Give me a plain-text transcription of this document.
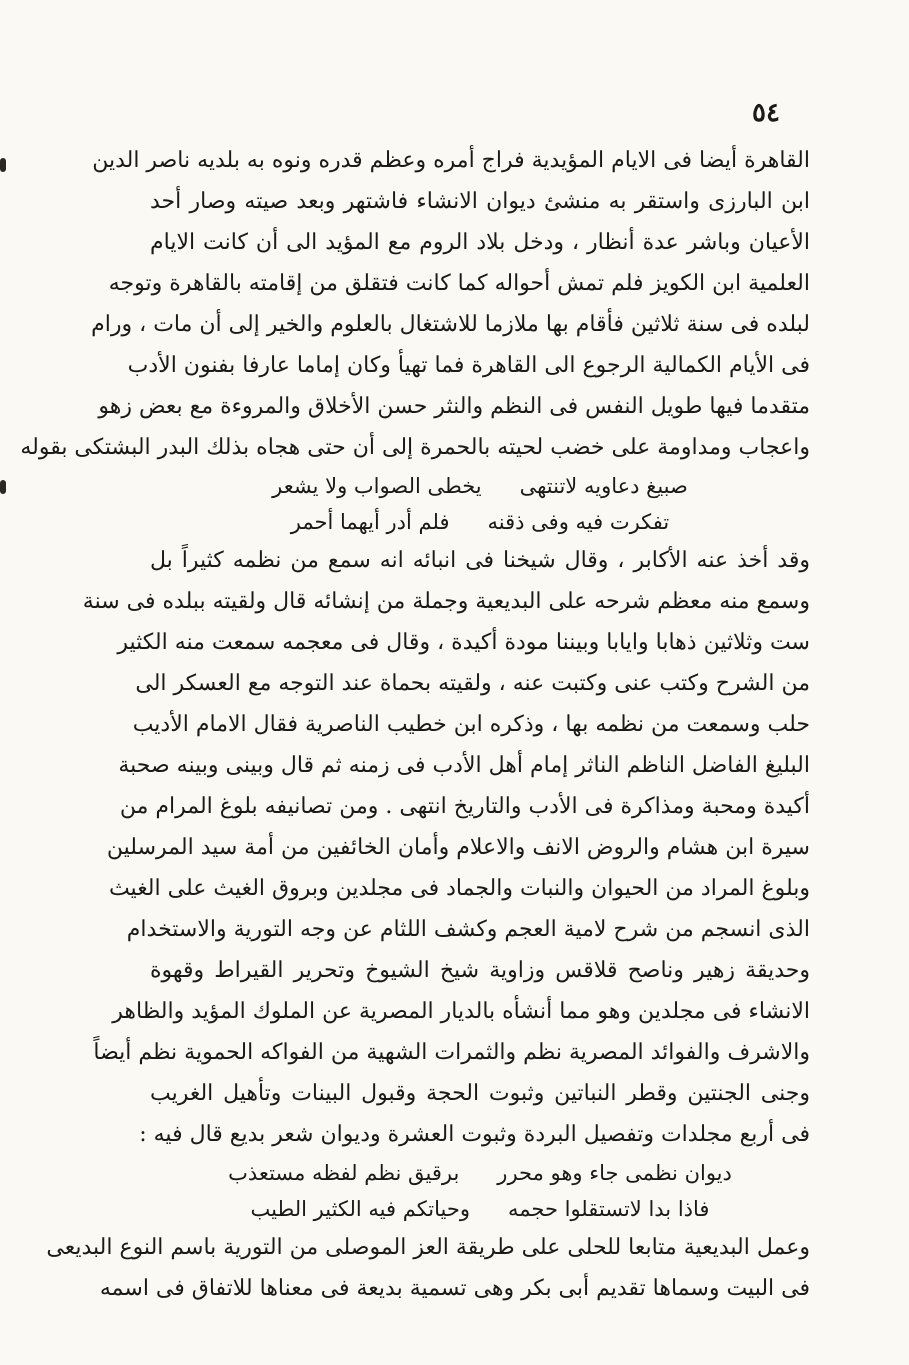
٥٤
القاهرة أيضا فى الايام المؤيدية فراج أمره وعظم قدره ونوه به بلديه ناصر الدين
ابن البارزى واستقر به منشئ ديوان الانشاء فاشتهر وبعد صيته وصار أحد
الأعيان وباشر عدة أنظار ، ودخل بلاد الروم مع المؤيد الى أن كانت الايام
العلمية ابن الكويز فلم تمش أحواله كما كانت فتقلق من إقامته بالقاهرة وتوجه
لبلده فى سنة ثلاثين فأقام بها ملازما للاشتغال بالعلوم والخير إلى أن مات ، ورام
فى الأيام الكمالية الرجوع الى القاهرة فما تهيأ وكان إماما عارفا بفنون الأدب
متقدما فيها طويل النفس فى النظم والنثر حسن الأخلاق والمروءة مع بعض زهو
واعجاب ومداومة على خضب لحيته بالحمرة إلى أن حتى هجاه بذلك البدر البشتكى بقوله
صبيغ دعاويه لاتنتهى
يخطى الصواب ولا يشعر
تفكرت فيه وفى ذقنه
فلم أدر أيهما أحمر
وقد أخذ عنه الأكابر ، وقال شيخنا فى انبائه انه سمع من نظمه كثيراً بل
وسمع منه معظم شرحه على البديعية وجملة من إنشائه قال ولقيته ببلده فى سنة
ست وثلاثين ذهابا وايابا وبيننا مودة أكيدة ، وقال فى معجمه سمعت منه الكثير
من الشرح وكتب عنى وكتبت عنه ، ولقيته بحماة عند التوجه مع العسكر الى
حلب وسمعت من نظمه بها ، وذكره ابن خطيب الناصرية فقال الامام الأديب
البليغ الفاضل الناظم الناثر إمام أهل الأدب فى زمنه ثم قال وبينى وبينه صحبة
أكيدة ومحبة ومذاكرة فى الأدب والتاريخ انتهى . ومن تصانيفه بلوغ المرام من
سيرة ابن هشام والروض الانف والاعلام وأمان الخائفين من أمة سيد المرسلين
وبلوغ المراد من الحيوان والنبات والجماد فى مجلدين وبروق الغيث على الغيث
الذى انسجم من شرح لامية العجم وكشف اللثام عن وجه التورية والاستخدام
وحديقة زهير وناصح قلاقس وزاوية شيخ الشيوخ وتحرير القيراط وقهوة
الانشاء فى مجلدين وهو مما أنشأه بالديار المصرية عن الملوك المؤيد والظاهر
والاشرف والفوائد المصرية نظم والثمرات الشهية من الفواكه الحموية نظم أيضاً
وجنى الجنتين وقطر النباتين وثبوت الحجة وقبول البينات وتأهيل الغريب
فى أربع مجلدات وتفصيل البردة وثبوت العشرة وديوان شعر بديع قال فيه :
ديوان نظمى جاء وهو محرر
برقيق نظم لفظه مستعذب
فاذا بدا لاتستقلوا حجمه
وحياتكم فيه الكثير الطيب
وعمل البديعية متابعا للحلى على طريقة العز الموصلى من التورية باسم النوع البديعى
فى البيت وسماها تقديم أبى بكر وهى تسمية بديعة فى معناها للاتفاق فى اسمه
